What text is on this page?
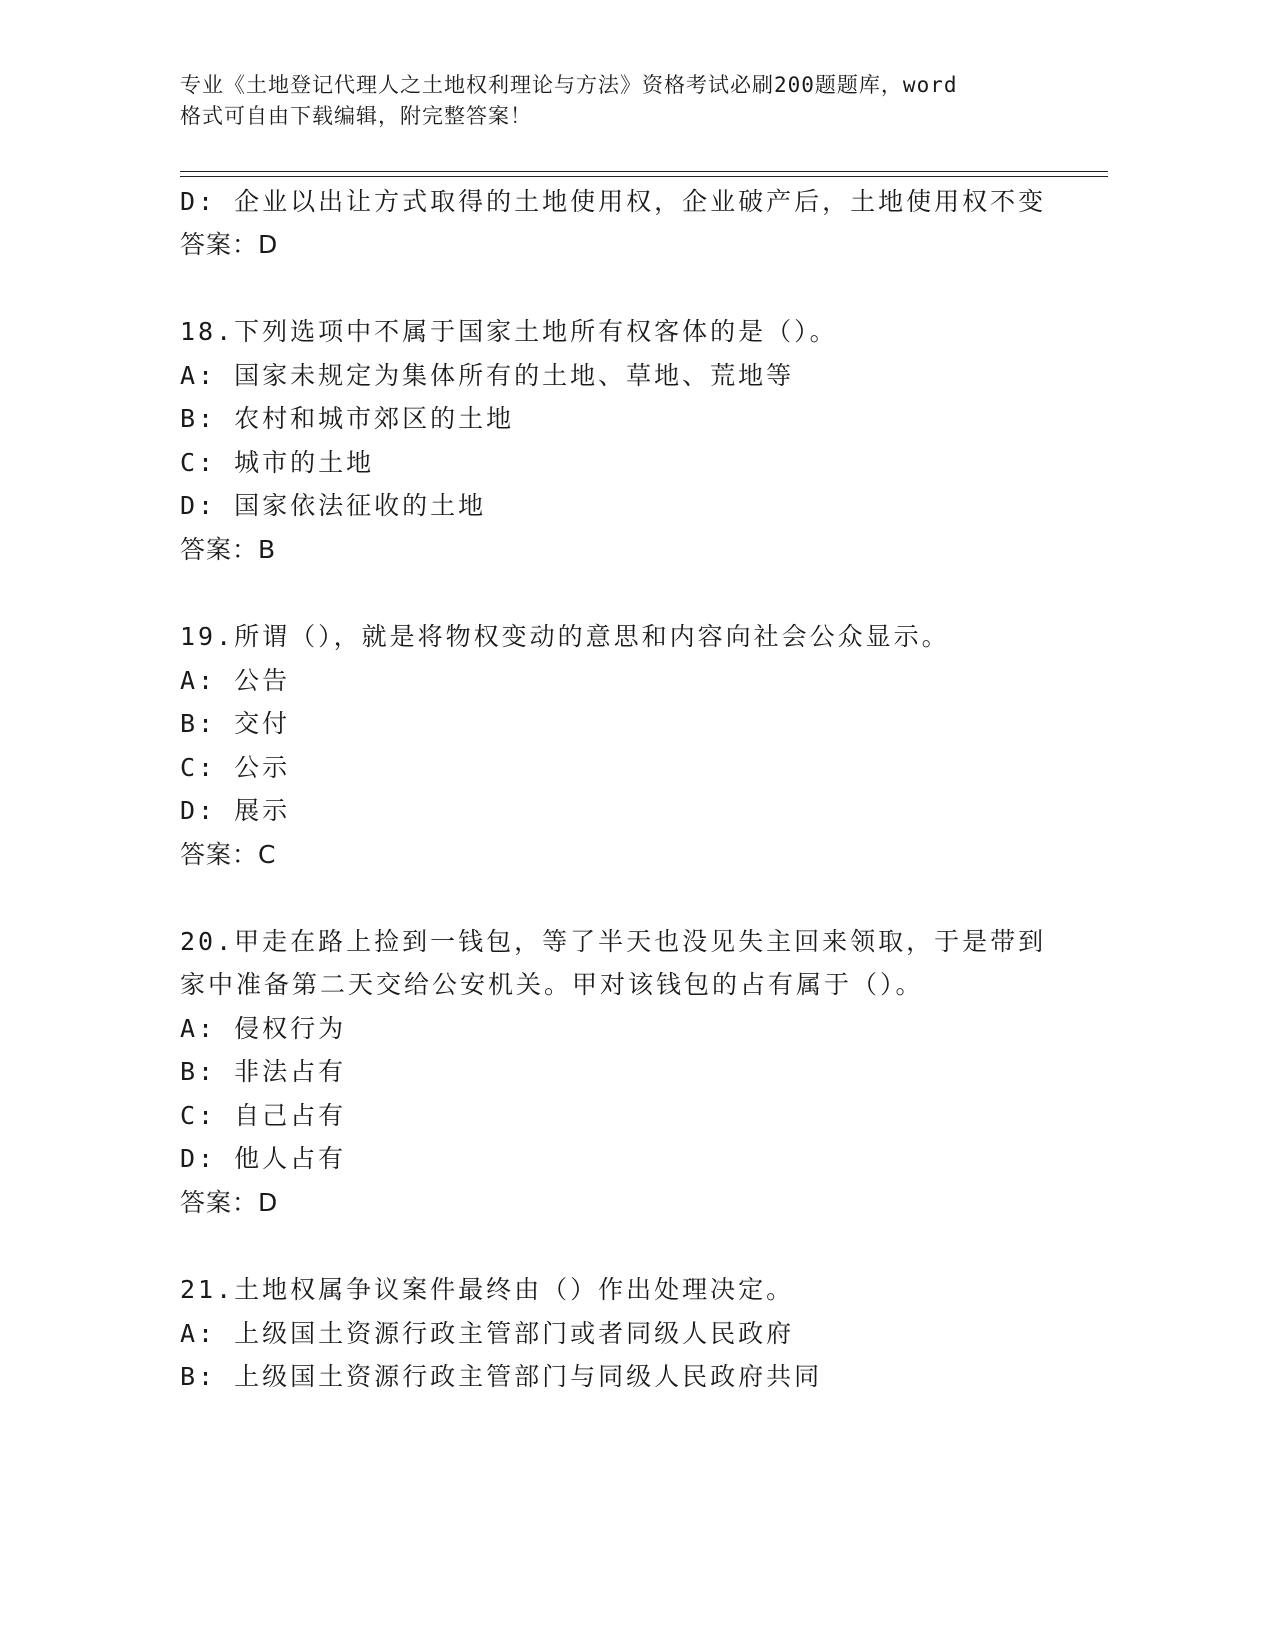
专业《土地登记代理人之土地权利理论与方法》资格考试必刷200题题库，word
格式可自由下载编辑，附完整答案！
D: 企业以出让方式取得的土地使用权，企业破产后，土地使用权不变
答案：D
18.下列选项中不属于国家土地所有权客体的是（）。
A: 国家未规定为集体所有的土地、草地、荒地等
B: 农村和城市郊区的土地
C: 城市的土地
D: 国家依法征收的土地
答案：B
19.所谓（），就是将物权变动的意思和内容向社会公众显示。
A: 公告
B: 交付
C: 公示
D: 展示
答案：C
20.甲走在路上捡到一钱包，等了半天也没见失主回来领取，于是带到
家中准备第二天交给公安机关。甲对该钱包的占有属于（）。
A: 侵权行为
B: 非法占有
C: 自己占有
D: 他人占有
答案：D
21.土地权属争议案件最终由（）作出处理决定。
A: 上级国土资源行政主管部门或者同级人民政府
B: 上级国土资源行政主管部门与同级人民政府共同
